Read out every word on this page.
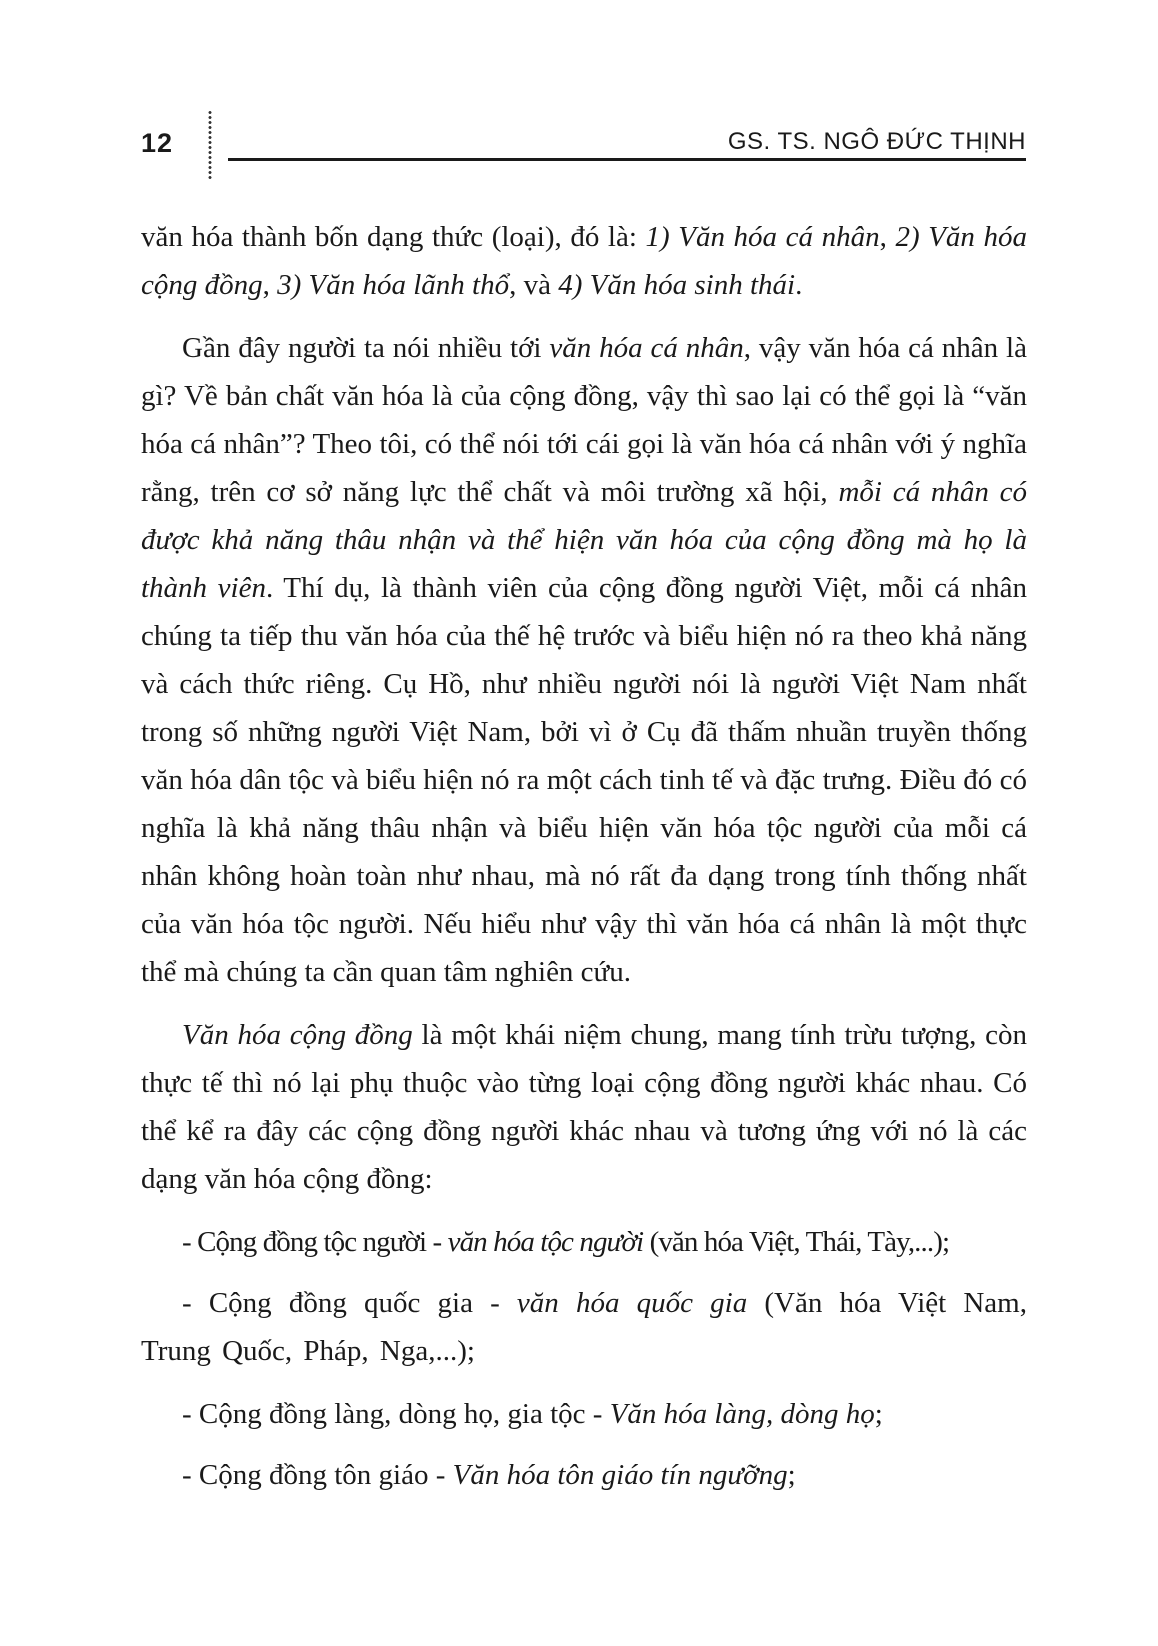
12	GS. TS. NGÔ ĐỨC THỊNH

văn hóa thành bốn dạng thức (loại), đó là: 1) Văn hóa cá nhân, 2) Văn hóa cộng đồng, 3) Văn hóa lãnh thổ, và 4) Văn hóa sinh thái.

Gần đây người ta nói nhiều tới văn hóa cá nhân, vậy văn hóa cá nhân là gì? Về bản chất văn hóa là của cộng đồng, vậy thì sao lại có thể gọi là “văn hóa cá nhân”? Theo tôi, có thể nói tới cái gọi là văn hóa cá nhân với ý nghĩa rằng, trên cơ sở năng lực thể chất và môi trường xã hội, mỗi cá nhân có được khả năng thâu nhận và thể hiện văn hóa của cộng đồng mà họ là thành viên. Thí dụ, là thành viên của cộng đồng người Việt, mỗi cá nhân chúng ta tiếp thu văn hóa của thế hệ trước và biểu hiện nó ra theo khả năng và cách thức riêng. Cụ Hồ, như nhiều người nói là người Việt Nam nhất trong số những người Việt Nam, bởi vì ở Cụ đã thấm nhuần truyền thống văn hóa dân tộc và biểu hiện nó ra một cách tinh tế và đặc trưng. Điều đó có nghĩa là khả năng thâu nhận và biểu hiện văn hóa tộc người của mỗi cá nhân không hoàn toàn như nhau, mà nó rất đa dạng trong tính thống nhất của văn hóa tộc người. Nếu hiểu như vậy thì văn hóa cá nhân là một thực thể mà chúng ta cần quan tâm nghiên cứu.

Văn hóa cộng đồng là một khái niệm chung, mang tính trừu tượng, còn thực tế thì nó lại phụ thuộc vào từng loại cộng đồng người khác nhau. Có thể kể ra đây các cộng đồng người khác nhau và tương ứng với nó là các dạng văn hóa cộng đồng:

- Cộng đồng tộc người - văn hóa tộc người (văn hóa Việt, Thái, Tày,...);

- Cộng đồng quốc gia - văn hóa quốc gia (Văn hóa Việt Nam, Trung Quốc, Pháp, Nga,...);

- Cộng đồng làng, dòng họ, gia tộc - Văn hóa làng, dòng họ;

- Cộng đồng tôn giáo - Văn hóa tôn giáo tín ngưỡng;
